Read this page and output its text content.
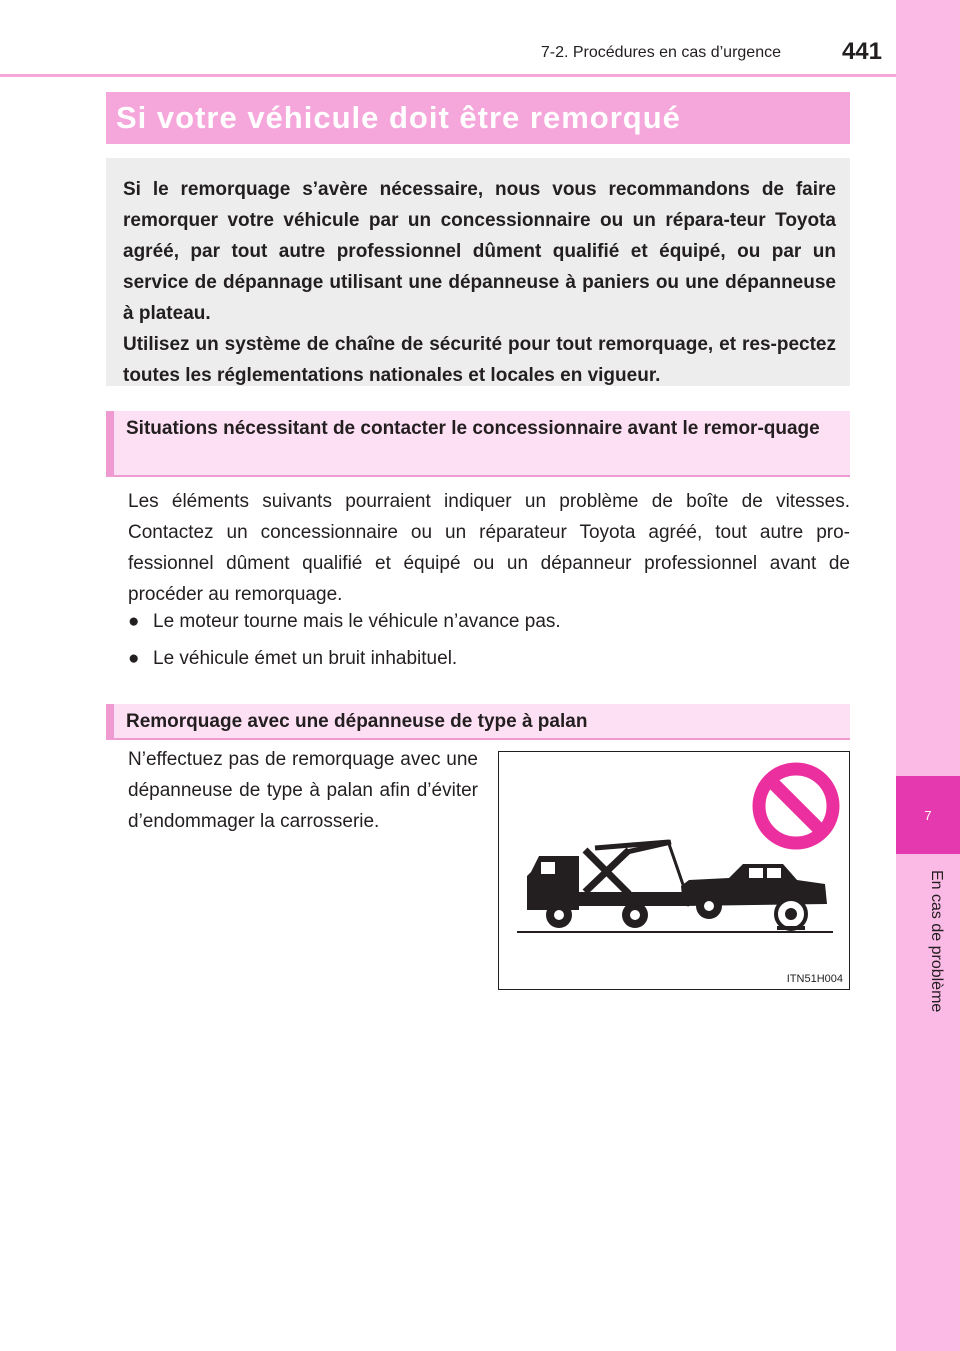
7
En cas de problème
7-2. Procédures en cas d’urgence	441
Si votre véhicule doit être remorqué

Si le remorquage s’avère nécessaire, nous vous recommandons de faire remorquer votre véhicule par un concessionnaire ou un répara-teur Toyota agréé, par tout autre professionnel dûment qualifié et équipé, ou par un service de dépannage utilisant une dépanneuse à paniers ou une dépanneuse à plateau.

Utilisez un système de chaîne de sécurité pour tout remorquage, et res-pectez toutes les réglementations nationales et locales en vigueur.

Situations nécessitant de contacter le concessionnaire avant le remor-quage

Les éléments suivants pourraient indiquer un problème de boîte de vitesses. Contactez un concessionnaire ou un réparateur Toyota agréé, tout autre pro-fessionnel dûment qualifié et équipé ou un dépanneur professionnel avant de procéder au remorquage.

● Le moteur tourne mais le véhicule n’avance pas.
● Le véhicule émet un bruit inhabituel.
Remorquage avec une dépanneuse de type à palan

N’effectuez pas de remorquage avec une dépanneuse de type à palan afin d’éviter d’endommager la carrosserie.

ITN51H004
